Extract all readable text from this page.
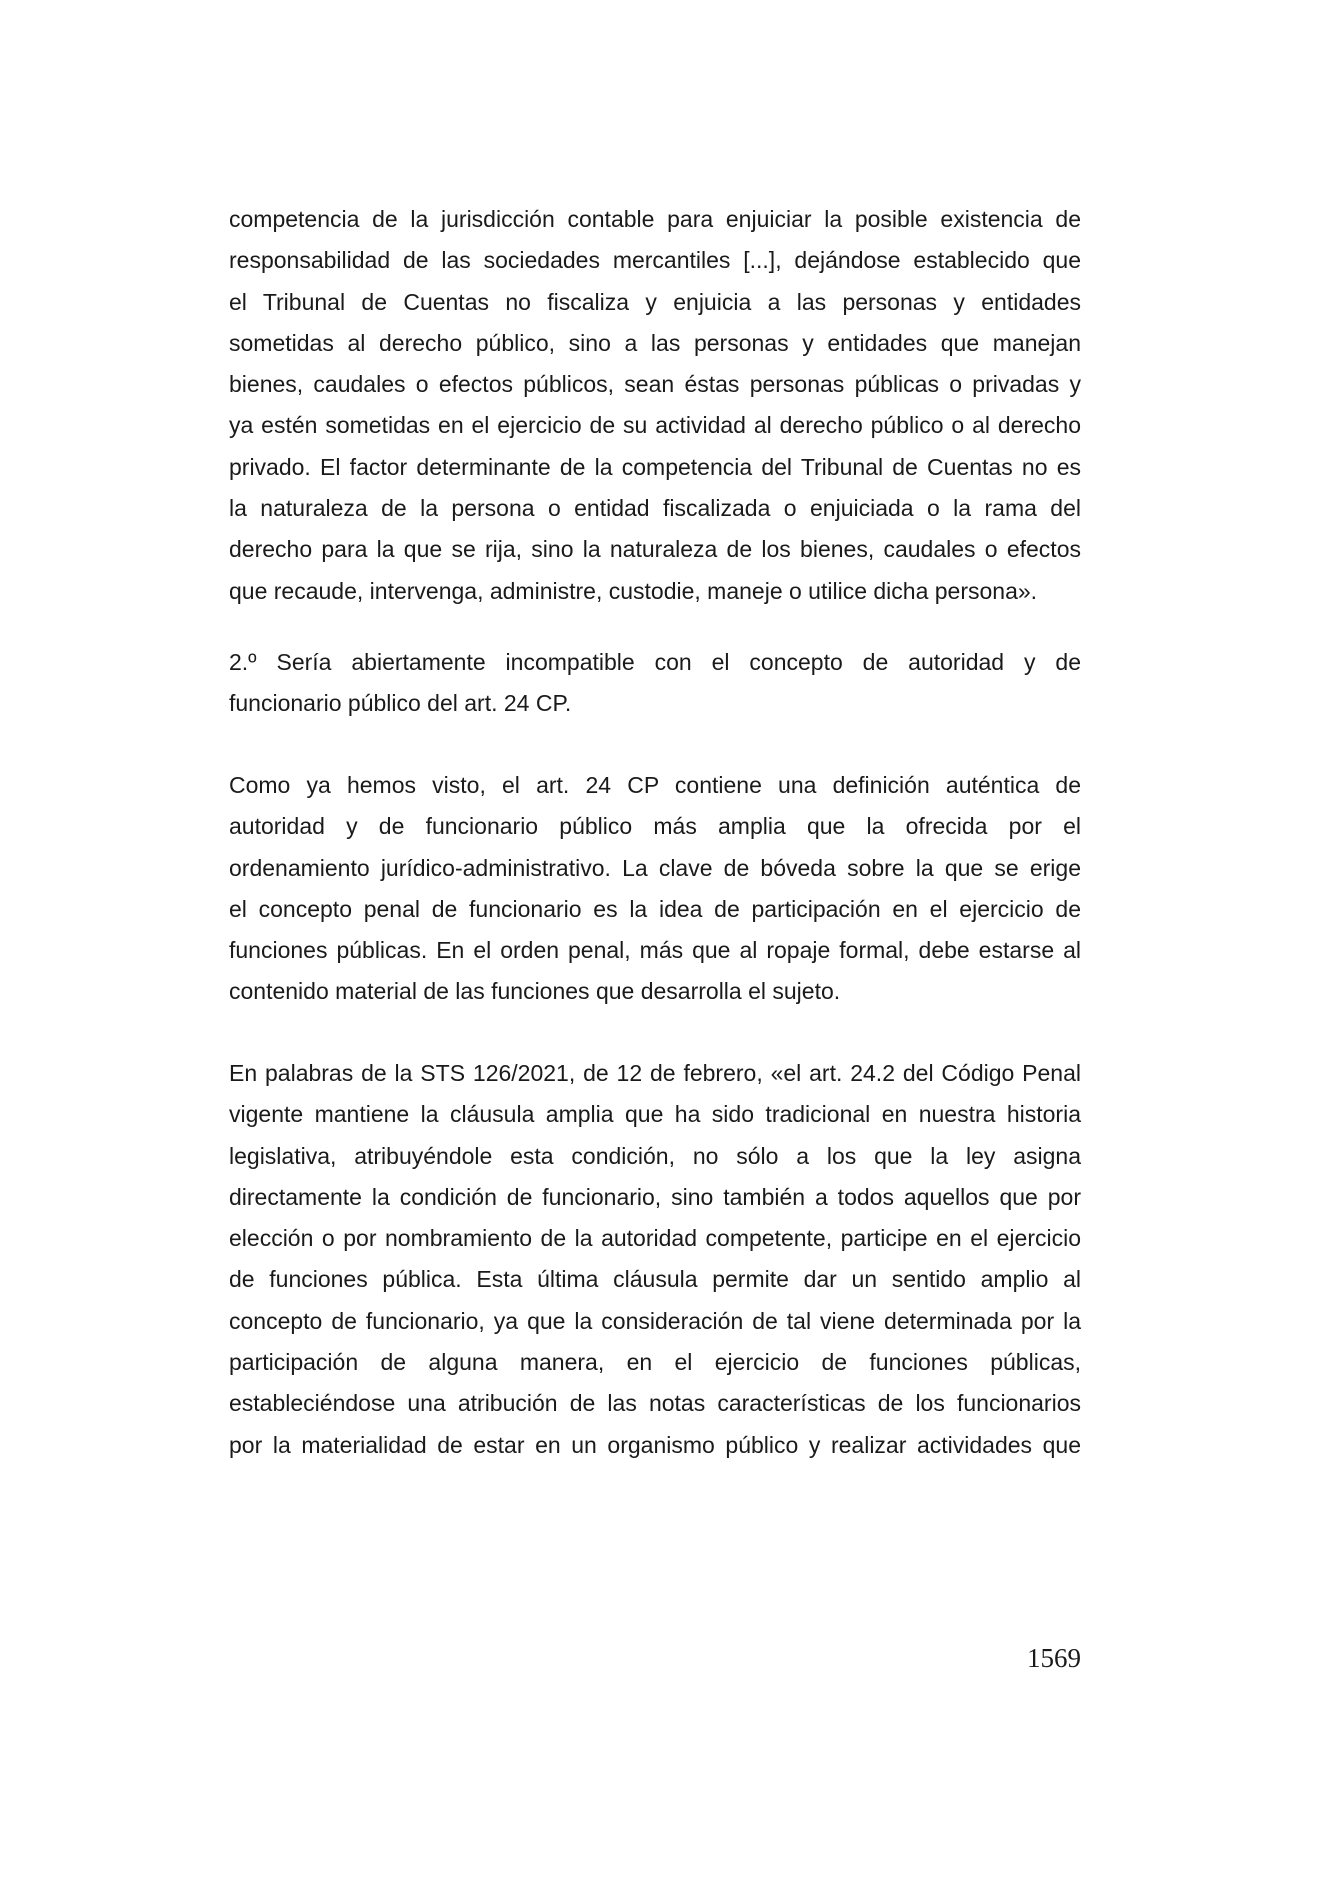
competencia de la jurisdicción contable para enjuiciar la posible existencia de
responsabilidad de las sociedades mercantiles [...], dejándose establecido que
el Tribunal de Cuentas no fiscaliza y enjuicia a las personas y entidades
sometidas al derecho público, sino a las personas y entidades que manejan
bienes, caudales o efectos públicos, sean éstas personas públicas o privadas y
ya estén sometidas en el ejercicio de su actividad al derecho público o al derecho
privado. El factor determinante de la competencia del Tribunal de Cuentas no es
la naturaleza de la persona o entidad fiscalizada o enjuiciada o la rama del
derecho para la que se rija, sino la naturaleza de los bienes, caudales o efectos
que recaude, intervenga, administre, custodie, maneje o utilice dicha persona».
2.º Sería abiertamente incompatible con el concepto de autoridad y de
funcionario público del art. 24 CP.
Como ya hemos visto, el art. 24 CP contiene una definición auténtica de
autoridad y de funcionario público más amplia que la ofrecida por el
ordenamiento jurídico-administrativo. La clave de bóveda sobre la que se erige
el concepto penal de funcionario es la idea de participación en el ejercicio de
funciones públicas. En el orden penal, más que al ropaje formal, debe estarse al
contenido material de las funciones que desarrolla el sujeto.
En palabras de la STS 126/2021, de 12 de febrero, «el art. 24.2 del Código Penal
vigente mantiene la cláusula amplia que ha sido tradicional en nuestra historia
legislativa, atribuyéndole esta condición, no sólo a los que la ley asigna
directamente la condición de funcionario, sino también a todos aquellos que por
elección o por nombramiento de la autoridad competente, participe en el ejercicio
de funciones pública. Esta última cláusula permite dar un sentido amplio al
concepto de funcionario, ya que la consideración de tal viene determinada por la
participación de alguna manera, en el ejercicio de funciones públicas,
estableciéndose una atribución de las notas características de los funcionarios
por la materialidad de estar en un organismo público y realizar actividades que
1569
